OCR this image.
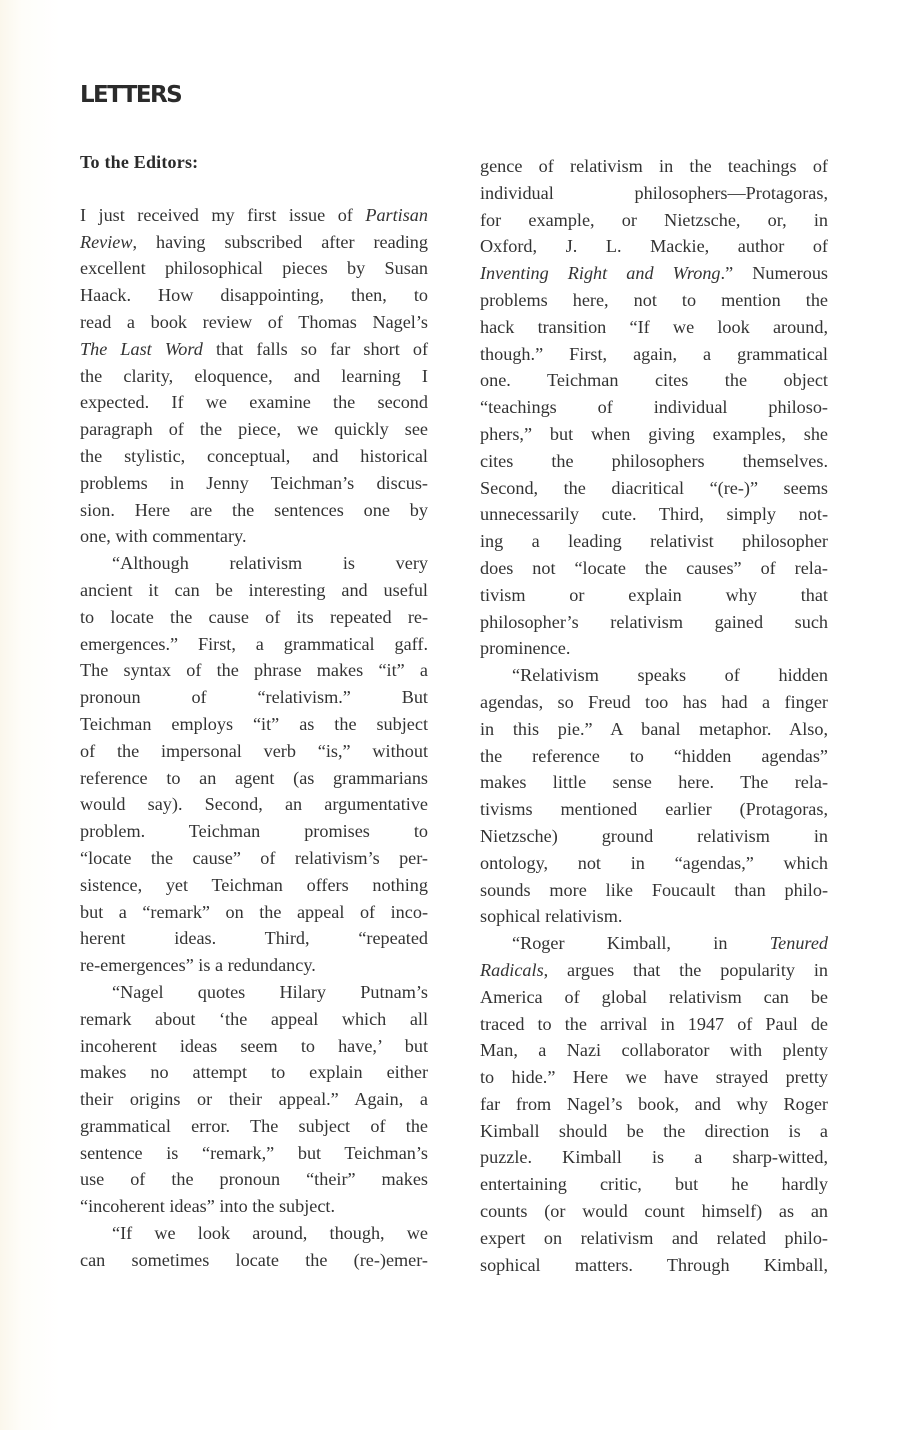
LETTERS
To the Editors:
I just received my first issue of Partisan
Review, having subscribed after reading
excellent philosophical pieces by Susan
Haack. How disappointing, then, to
read a book review of Thomas Nagel’s
The Last Word that falls so far short of
the clarity, eloquence, and learning I
expected. If we examine the second
paragraph of the piece, we quickly see
the stylistic, conceptual, and historical
problems in Jenny Teichman’s discus-
sion. Here are the sentences one by
one, with commentary.
“Although relativism is very
ancient it can be interesting and useful
to locate the cause of its repeated re-
emergences.” First, a grammatical gaff.
The syntax of the phrase makes “it” a
pronoun of “relativism.” But
Teichman employs “it” as the subject
of the impersonal verb “is,” without
reference to an agent (as grammarians
would say). Second, an argumentative
problem. Teichman promises to
“locate the cause” of relativism’s per-
sistence, yet Teichman offers nothing
but a “remark” on the appeal of inco-
herent ideas. Third, “repeated
re-emergences” is a redundancy.
“Nagel quotes Hilary Putnam’s
remark about ‘the appeal which all
incoherent ideas seem to have,’ but
makes no attempt to explain either
their origins or their appeal.” Again, a
grammatical error. The subject of the
sentence is “remark,” but Teichman’s
use of the pronoun “their” makes
“incoherent ideas” into the subject.
“If we look around, though, we
can sometimes locate the (re-)emer-
gence of relativism in the teachings of
individual philosophers—Protagoras,
for example, or Nietzsche, or, in
Oxford, J. L. Mackie, author of
Inventing Right and Wrong.” Numerous
problems here, not to mention the
hack transition “If we look around,
though.” First, again, a grammatical
one. Teichman cites the object
“teachings of individual philoso-
phers,” but when giving examples, she
cites the philosophers themselves.
Second, the diacritical “(re-)” seems
unnecessarily cute. Third, simply not-
ing a leading relativist philosopher
does not “locate the causes” of rela-
tivism or explain why that
philosopher’s relativism gained such
prominence.
“Relativism speaks of hidden
agendas, so Freud too has had a finger
in this pie.” A banal metaphor. Also,
the reference to “hidden agendas”
makes little sense here. The rela-
tivisms mentioned earlier (Protagoras,
Nietzsche) ground relativism in
ontology, not in “agendas,” which
sounds more like Foucault than philo-
sophical relativism.
“Roger Kimball, in Tenured
Radicals, argues that the popularity in
America of global relativism can be
traced to the arrival in 1947 of Paul de
Man, a Nazi collaborator with plenty
to hide.” Here we have strayed pretty
far from Nagel’s book, and why Roger
Kimball should be the direction is a
puzzle. Kimball is a sharp-witted,
entertaining critic, but he hardly
counts (or would count himself) as an
expert on relativism and related philo-
sophical matters. Through Kimball,
